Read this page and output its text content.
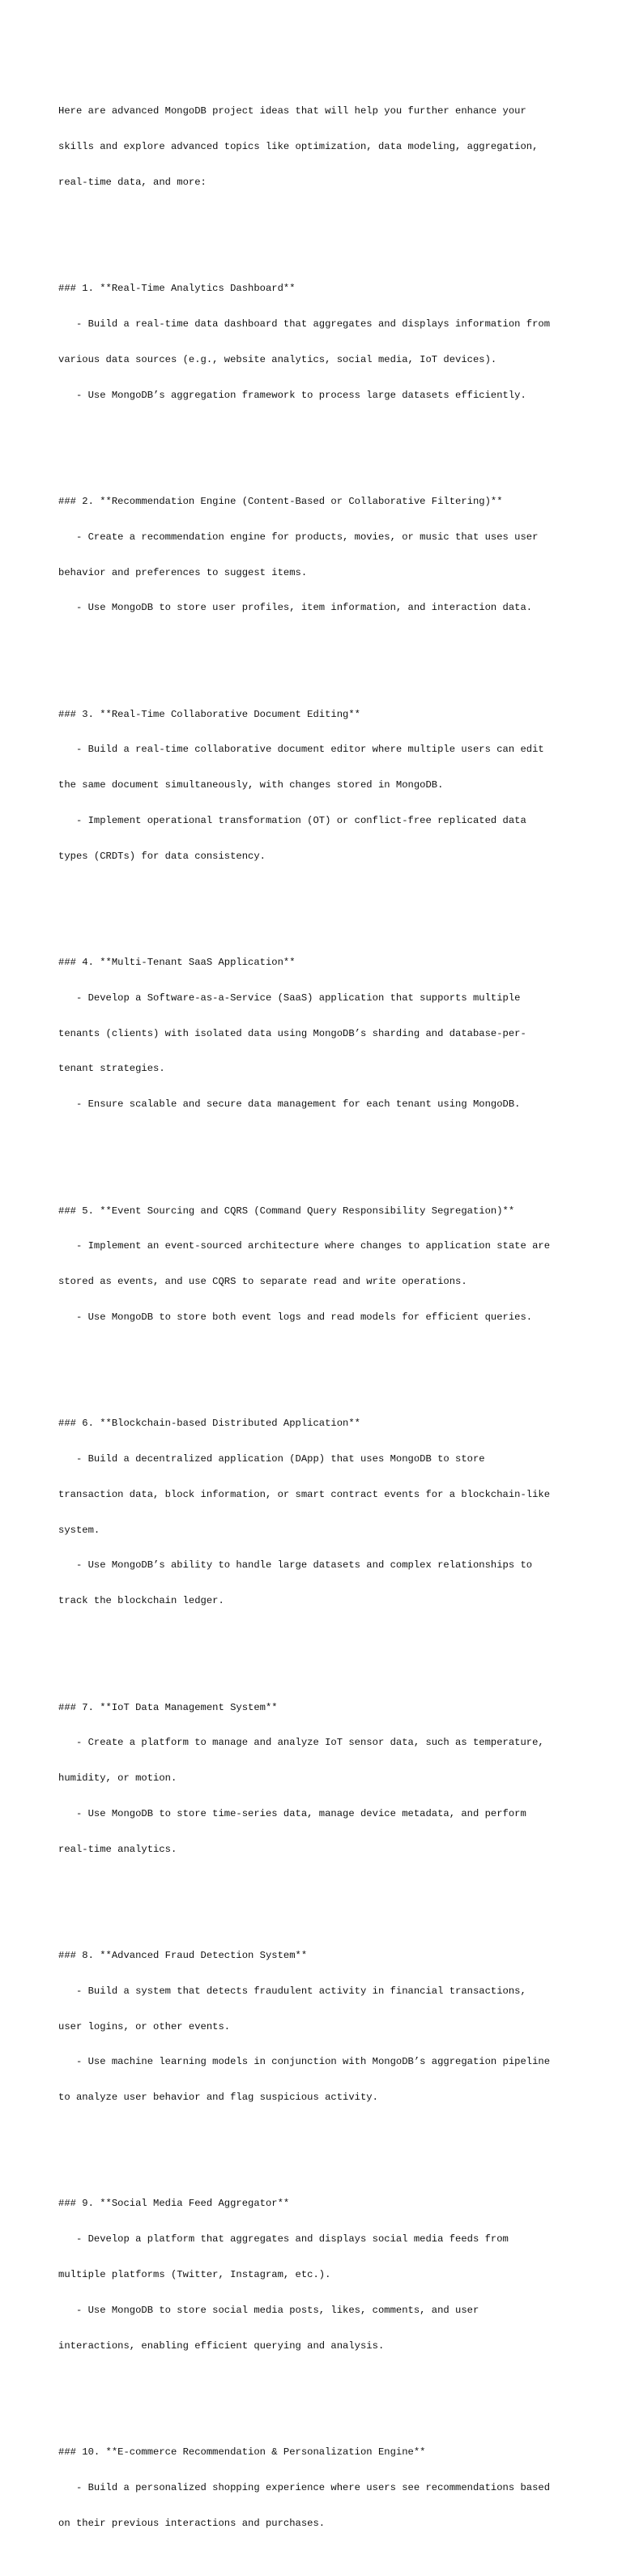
Here are advanced MongoDB project ideas that will help you further enhance your

skills and explore advanced topics like optimization, data modeling, aggregation,

real-time data, and more:

### 1. **Real-Time Analytics Dashboard**

- Build a real-time data dashboard that aggregates and displays information from

various data sources (e.g., website analytics, social media, IoT devices).

- Use MongoDB’s aggregation framework to process large datasets efficiently.

### 2. **Recommendation Engine (Content-Based or Collaborative Filtering)**

- Create a recommendation engine for products, movies, or music that uses user

behavior and preferences to suggest items.

- Use MongoDB to store user profiles, item information, and interaction data.

### 3. **Real-Time Collaborative Document Editing**

- Build a real-time collaborative document editor where multiple users can edit

the same document simultaneously, with changes stored in MongoDB.

- Implement operational transformation (OT) or conflict-free replicated data

types (CRDTs) for data consistency.

### 4. **Multi-Tenant SaaS Application**

- Develop a Software-as-a-Service (SaaS) application that supports multiple

tenants (clients) with isolated data using MongoDB’s sharding and database-per-

tenant strategies.

- Ensure scalable and secure data management for each tenant using MongoDB.

### 5. **Event Sourcing and CQRS (Command Query Responsibility Segregation)**

- Implement an event-sourced architecture where changes to application state are

stored as events, and use CQRS to separate read and write operations.

- Use MongoDB to store both event logs and read models for efficient queries.

### 6. **Blockchain-based Distributed Application**

- Build a decentralized application (DApp) that uses MongoDB to store

transaction data, block information, or smart contract events for a blockchain-like

system.

- Use MongoDB’s ability to handle large datasets and complex relationships to

track the blockchain ledger.

### 7. **IoT Data Management System**

- Create a platform to manage and analyze IoT sensor data, such as temperature,

humidity, or motion.

- Use MongoDB to store time-series data, manage device metadata, and perform

real-time analytics.

### 8. **Advanced Fraud Detection System**

- Build a system that detects fraudulent activity in financial transactions,

user logins, or other events.

- Use machine learning models in conjunction with MongoDB’s aggregation pipeline

to analyze user behavior and flag suspicious activity.

### 9. **Social Media Feed Aggregator**

- Develop a platform that aggregates and displays social media feeds from

multiple platforms (Twitter, Instagram, etc.).

- Use MongoDB to store social media posts, likes, comments, and user

interactions, enabling efficient querying and analysis.

### 10. **E-commerce Recommendation & Personalization Engine**

- Build a personalized shopping experience where users see recommendations based

on their previous interactions and purchases.
